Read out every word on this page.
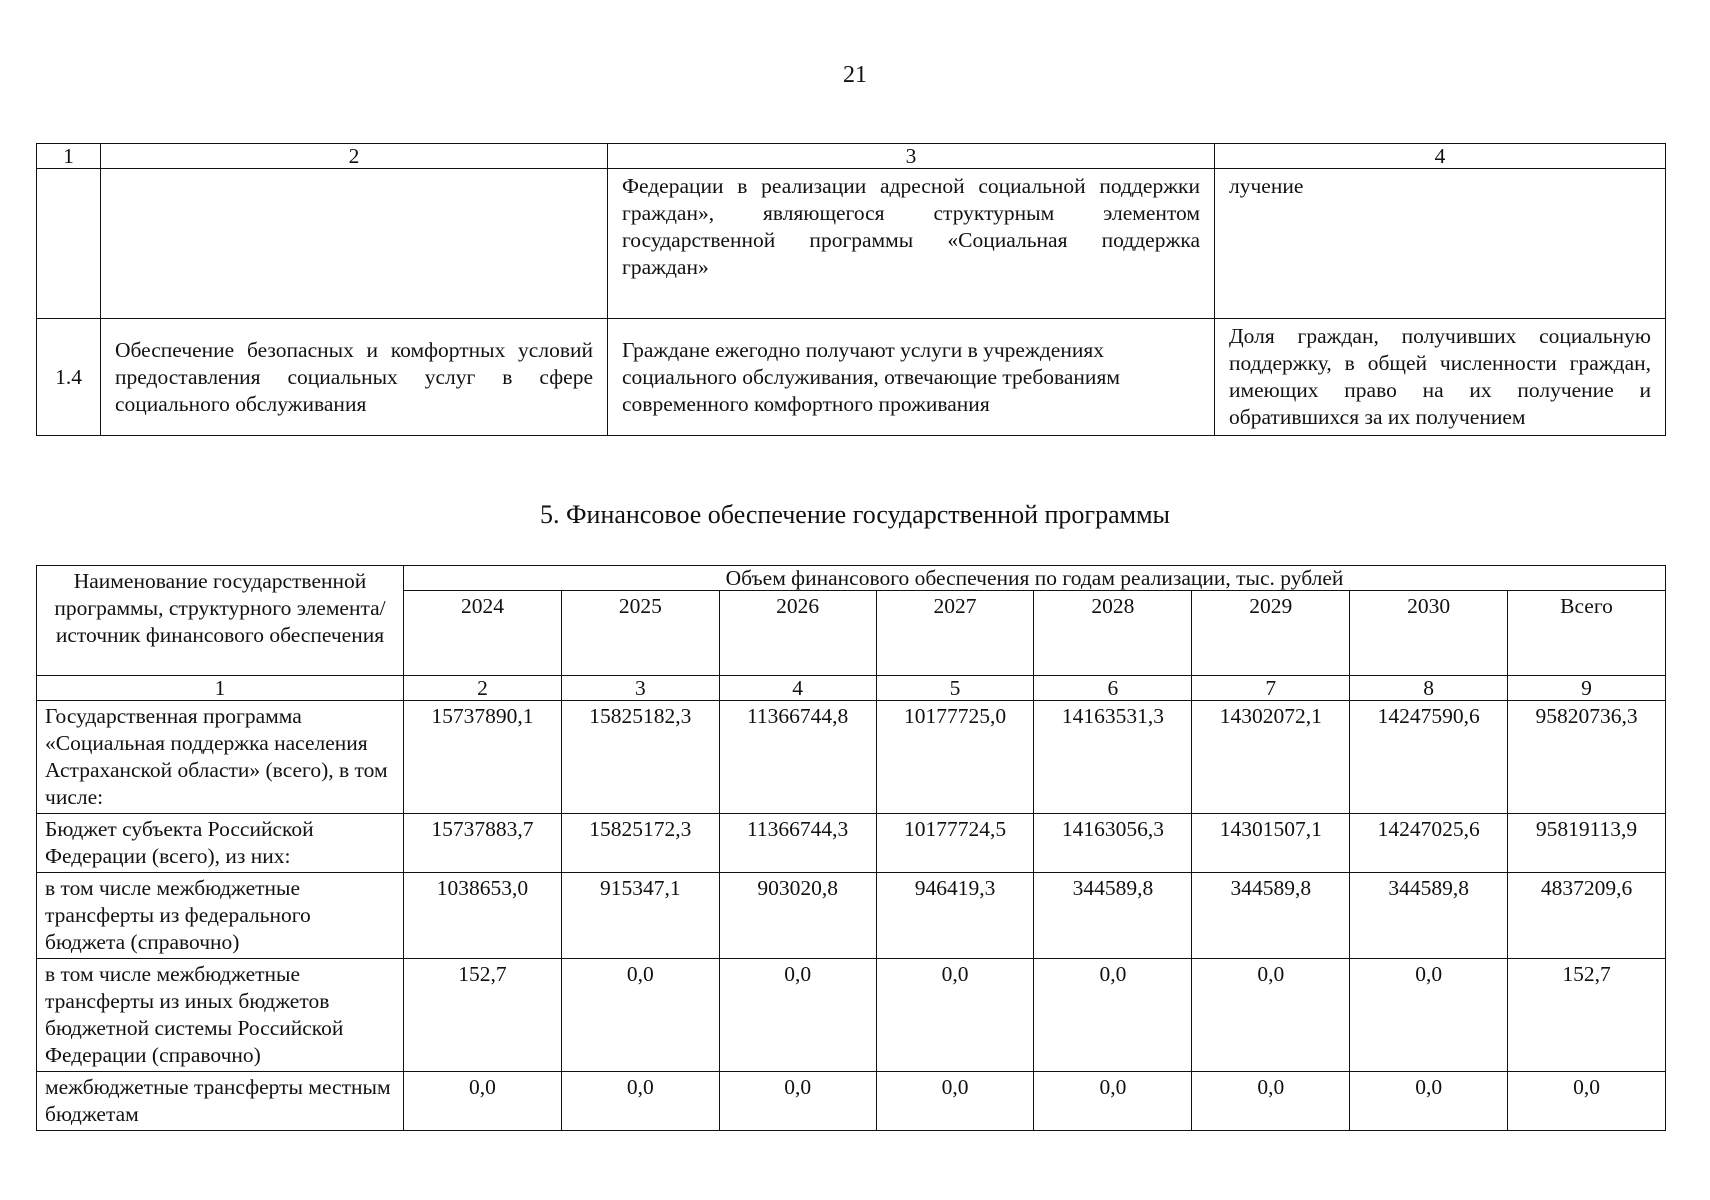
21
1	2	3	4
		Федерации в реализации адресной социальной поддержки граждан», являющегося структурным элементом государственной программы «Социальная поддержка граждан»	лучение
1.4	Обеспечение безопасных и комфортных условий предоставления социальных услуг в сфере социального обслуживания	Граждане ежегодно получают услуги в учреждениях социального обслуживания, отвечающие требованиям современного комфортного проживания	Доля граждан, получивших социальную поддержку, в общей численности граждан, имеющих право на их получение и обратившихся за их получением
5. Финансовое обеспечение государственной программы
Наименование государственной программы, структурного элемента/источник финансового обеспечения	Объем финансового обеспечения по годам реализации, тыс. рублей							
	2024	2025	2026	2027	2028	2029	2030	Всего
1	2	3	4	5	6	7	8	9
Государственная программа «Социальная поддержка населения Астраханской области» (всего), в том числе:	15737890,1	15825182,3	11366744,8	10177725,0	14163531,3	14302072,1	14247590,6	95820736,3
Бюджет субъекта Российской Федерации (всего), из них:	15737883,7	15825172,3	11366744,3	10177724,5	14163056,3	14301507,1	14247025,6	95819113,9
в том числе межбюджетные трансферты из федерального бюджета (справочно)	1038653,0	915347,1	903020,8	946419,3	344589,8	344589,8	344589,8	4837209,6
в том числе межбюджетные трансферты из иных бюджетов бюджетной системы Российской Федерации (справочно)	152,7	0,0	0,0	0,0	0,0	0,0	0,0	152,7
межбюджетные трансферты местным бюджетам	0,0	0,0	0,0	0,0	0,0	0,0	0,0	0,0
